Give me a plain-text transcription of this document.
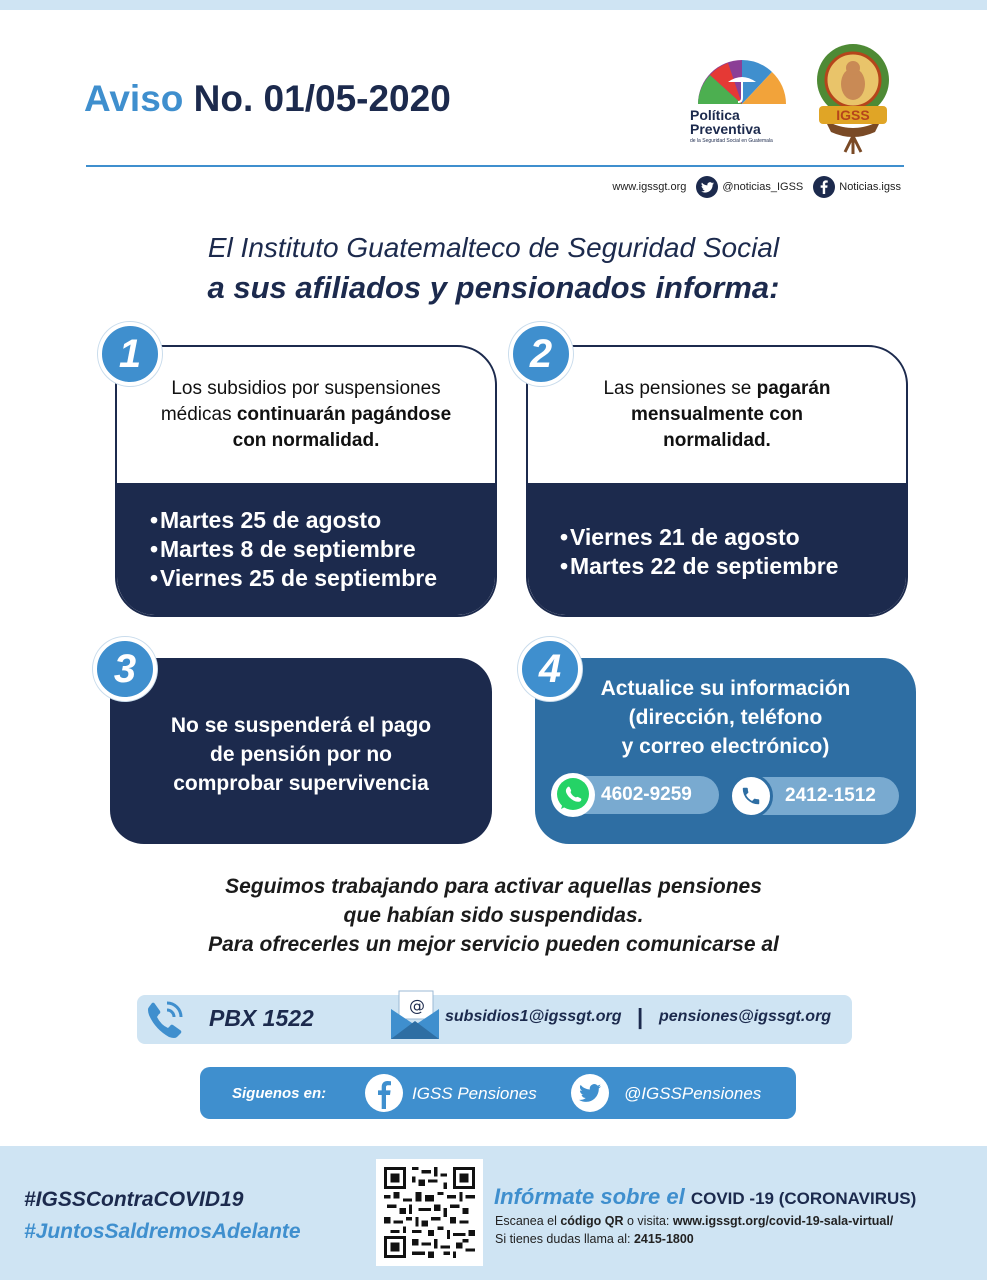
Aviso No. 01/05-2020	Política
Preventiva
de la Seguridad Social en Guatemala
IGSS
www.igssgt.org	@noticias_IGSS	Noticias.igss
El Instituto Guatemalteco de Seguridad Social
a sus afiliados y pensionados informa:
Los subsidios por suspensiones médicas continuarán pagándose con normalidad.
• Martes 25 de agosto
• Martes 8 de septiembre
• Viernes 25 de septiembre
1
Las pensiones se pagarán mensualmente con normalidad.
• Viernes 21 de agosto
• Martes 22 de septiembre
2
No se suspenderá el pago
de pensión por no
comprobar supervivencia
3	Actualice su información
(dirección, teléfono
y correo electrónico)
4602-9259	2412-1512
4
Seguimos trabajando para activar aquellas pensiones
que habían sido suspendidas.
Para ofrecerles un mejor servicio pueden comunicarse al
PBX 1522	@
subsidios1@igssgt.org | pensiones@igssgt.org
Siguenos en:	IGSS Pensiones	@IGSSPensiones
#IGSSContraCOVID19
#JuntosSaldremosAdelante
Infórmate sobre el COVID -19 (CORONAVIRUS)
Escanea el código QR o visita: www.igssgt.org/covid-19-sala-virtual/
Si tienes dudas llama al: 2415-1800
